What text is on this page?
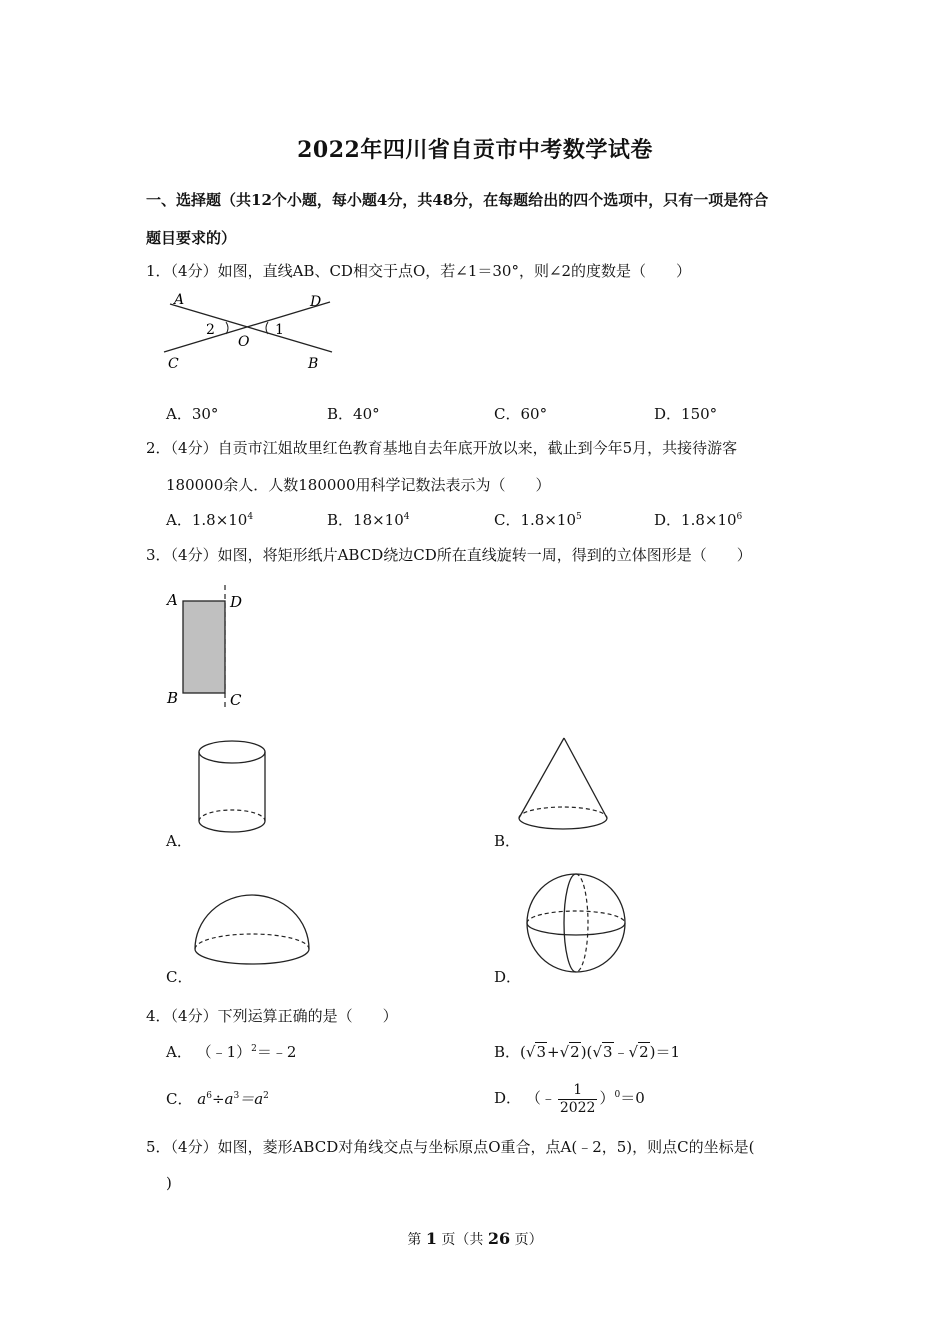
2022年四川省自贡市中考数学试卷
一、选择题（共12个小题，每小题4分，共48分，在每题给出的四个选项中，只有一项是符合
题目要求的）
1．（4分）如图，直线AB、CD相交于点O，若∠1＝30°，则∠2的度数是（　　）
A	D
C	B
O
2	1
A．30°	B．40°	C．60°	D．150°
2．（4分）自贡市江姐故里红色教育基地自去年底开放以来，截止到今年5月，共接待游客
180000余人．人数180000用科学记数法表示为（　　）
A．$1.8\times 10^4$	B．$18\times 10^4$	C．$1.8\times 10^5$	D．$1.8\times 10^6$
3．（4分）如图，将矩形纸片ABCD绕边CD所在直线旋转一周，得到的立体图形是（　　）
A	D
B	C
A．	B．
C．	D．
4．（4分）下列运算正确的是（　　）
A． （﹣1）$^2$＝﹣2	B．(√3+√2)(√3﹣√2)＝1
C． $a^6\div a^3=a^2$	D． （﹣ $\frac{1}{2022} )^0=0$
5．（4分）如图，菱形ABCD对角线交点与坐标原点O重合，点A(﹣2，5)，则点C的坐标是(
)
第 1 页（共 26 页）
